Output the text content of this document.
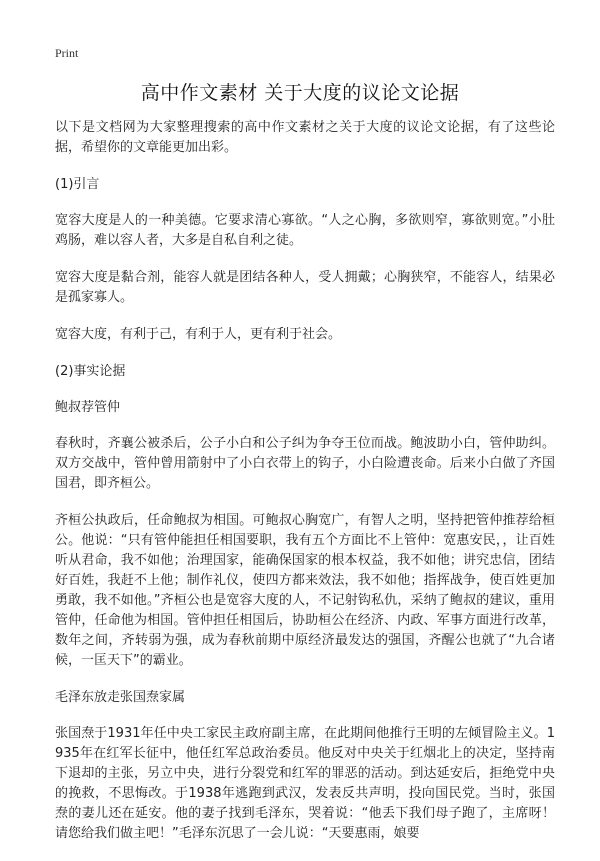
Print
高中作文素材 关于大度的议论文论据

以下是文档网为大家整理搜索的高中作文素材之关于大度的议论文论据，有了这些论据，希望你的文章能更加出彩。

(1)引言

宽容大度是人的一种美德。它要求清心寡欲。“人之心胸，多欲则窄，寡欲则宽。”小肚鸡肠，难以容人者，大多是自私自利之徒。

宽容大度是黏合剂，能容人就是团结各种人，受人拥戴；心胸狭窄，不能容人，结果必是孤家寡人。

宽容大度，有利于己，有利于人，更有利于社会。

(2)事实论据

鲍叔荐管仲

春秋时，齐襄公被杀后，公子小白和公子纠为争夺王位而战。鲍波助小白，管仲助纠。双方交战中，管仲曾用箭射中了小白衣带上的钩子，小白险遭丧命。后来小白做了齐国国君，即齐桓公。

齐桓公执政后，任命鲍叔为相国。可鲍叔心胸宽广，有智人之明，坚持把管仲推荐给桓公。他说：“只有管仲能担任相国要职，我有五个方面比不上管仲：宽惠安民，，让百姓听从君命，我不如他；治理国家，能确保国家的根本权益，我不如他；讲究忠信，团结好百姓，我赶不上他；制作礼仪，使四方都来效法，我不如他；指挥战争，使百姓更加勇敢，我不如他。”齐桓公也是宽容大度的人，不记射钩私仇，采纳了鲍叔的建议，重用管仲，任命他为相国。管仲担任相国后，协助桓公在经济、内政、军事方面进行改革，数年之间，齐转弱为强，成为春秋前期中原经济最发达的强国，齐醒公也就了“九合诸候，一匡天下”的霸业。

毛泽东放走张国焘家属

张国焘于1931年任中央工家民主政府副主席，在此期间他推行王明的左倾冒险主义。1935年在红军长征中，他任红军总政治委员。他反对中央关于红烟北上的决定，坚持南下退却的主张，另立中央，进行分裂党和红军的罪恶的活动。到达延安后，拒绝党中央的挽救，不思悔改。于1938年逃跑到武汉，发表反共声明，投向国民党。当时，张国焘的妻儿还在延安。他的妻子找到毛泽东，哭着说：“他丢下我们母子跑了，主席呀！请您给我们做主吧！”毛泽东沉思了一会儿说：“天要惠雨，娘要
